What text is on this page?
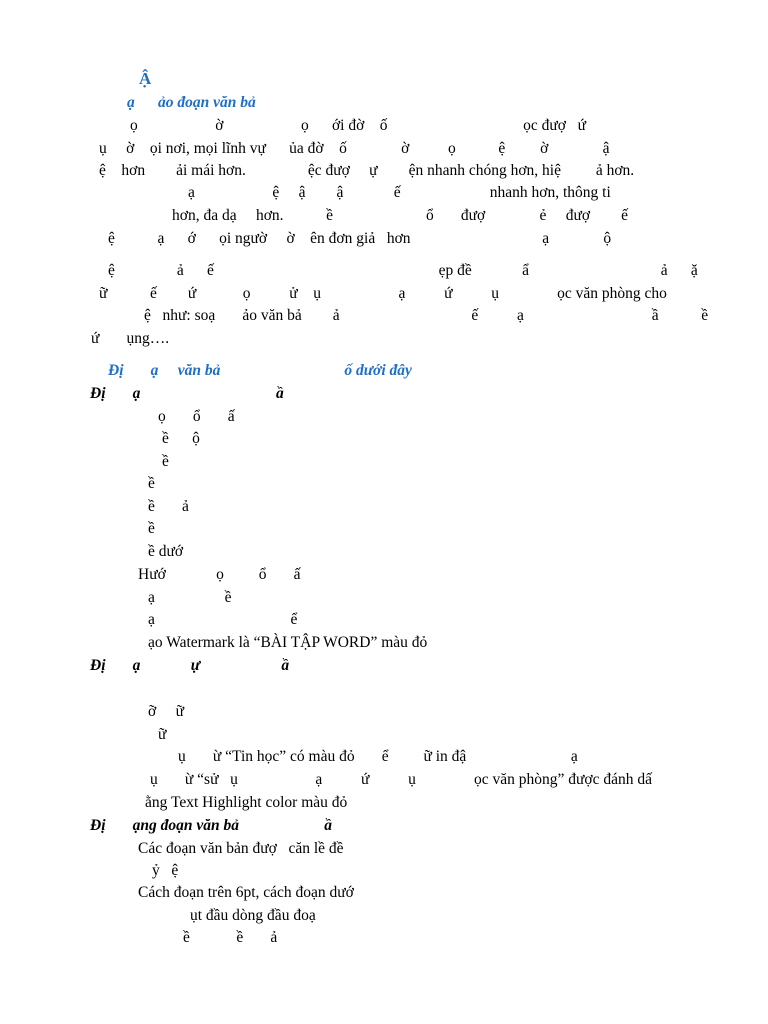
Ậ
ạ      ảo đoạn văn bả
ọ                    ờ                    ọ      ới đờ    ố                                   ọc đượ   ứ
ụ     ờ    ọi nơi, mọi lĩnh vự      ủa đờ    ố              ờ          ọ           ệ         ờ              ậ
ệ    hơn        ải mái hơn.                ệc đượ     ự        ện nhanh chóng hơn, hiệ         ả hơn.
ạ                    ệ     ậ        ậ             ế                       nhanh hơn, thông ti
hơn, đa dạ     hơn.           ề                        ổ       đượ              ẻ     đượ        ế
ệ           ạ      ớ      ọi ngườ     ờ    ên đơn giả   hơn                                  ạ              ộ
ệ                ả      ế                                                          ẹp đề             ẩ                                  ả      ặ
ữ           ế        ứ            ọ          ử    ụ                    ạ          ứ          ụ               ọc văn phòng cho
ệ   như: soạ       ảo văn bả        ả                                  ế          ạ                                 ầ           ề
ứ       ụng….
Đị       ạ     văn bả                                ố dưới đây
Đị       ạ                                   ầ
ọ       ổ       ấ
ề      ộ
ề
ề
ề       ả
ề
ề dướ
Hướ             ọ         ổ       ấ
ạ                  ề
ạ                                   ể
ạo Watermark là “BÀI TẬP WORD” màu đỏ
Đị       ạ             ự                     ầ
ỡ     ữ
ữ
ụ       ừ “Tin học” có màu đỏ       ể         ữ in đậ                           ạ
ụ       ừ “sử   ụ                    ạ          ứ          ụ               ọc văn phòng” được đánh dấ
ằng Text Highlight color màu đỏ
Đị       ạng đoạn văn bả                      ầ
Các đoạn văn bản đượ   căn lề đề
ỷ   ệ
Cách đoạn trên 6pt, cách đoạn dướ
ụt đầu dòng đầu đoạ
ề            ề       ả
